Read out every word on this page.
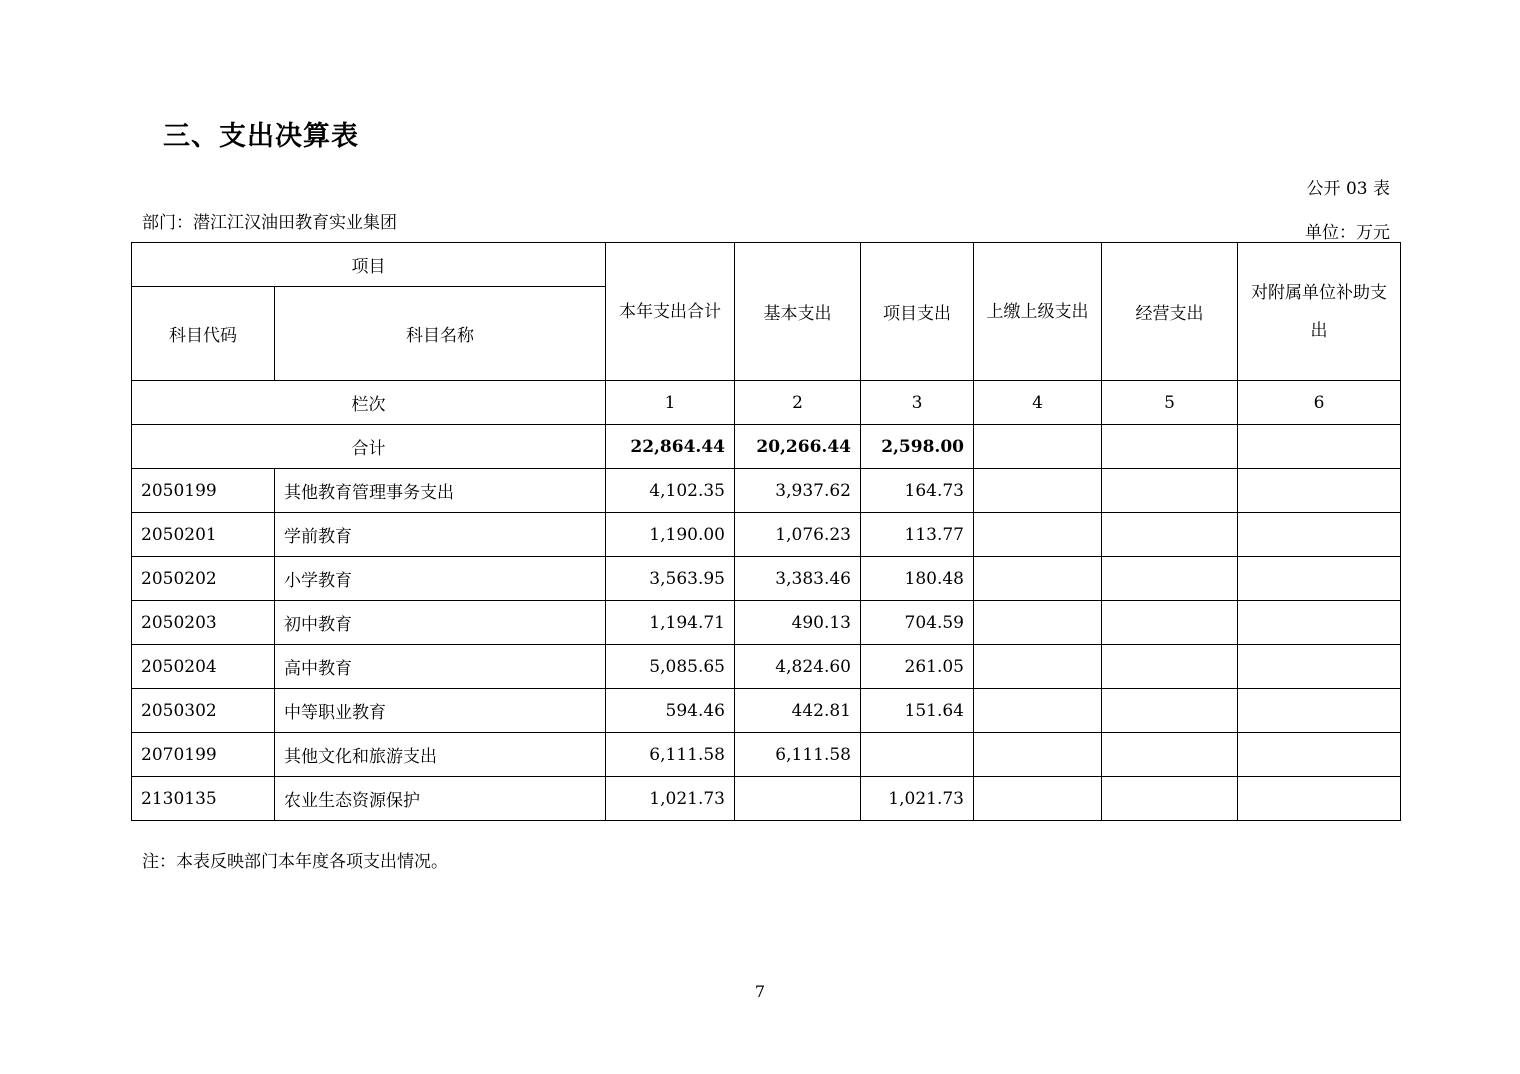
三、支出决算表
公开 03 表
部门：潜江江汉油田教育实业集团	单位：万元
项目		本年支出合计	基本支出	项目支出	上缴上级支出	经营支出	对附属单位补助支出
科目代码	科目名称						
栏次		1	2	3	4	5	6
合计		22,864.44	20,266.44	2,598.00			
2050199	其他教育管理事务支出	4,102.35	3,937.62	164.73			
2050201	学前教育	1,190.00	1,076.23	113.77			
2050202	小学教育	3,563.95	3,383.46	180.48			
2050203	初中教育	1,194.71	490.13	704.59			
2050204	高中教育	5,085.65	4,824.60	261.05			
2050302	中等职业教育	594.46	442.81	151.64			
2070199	其他文化和旅游支出	6,111.58	6,111.58				
2130135	农业生态资源保护	1,021.73		1,021.73			
注：本表反映部门本年度各项支出情况。
7
